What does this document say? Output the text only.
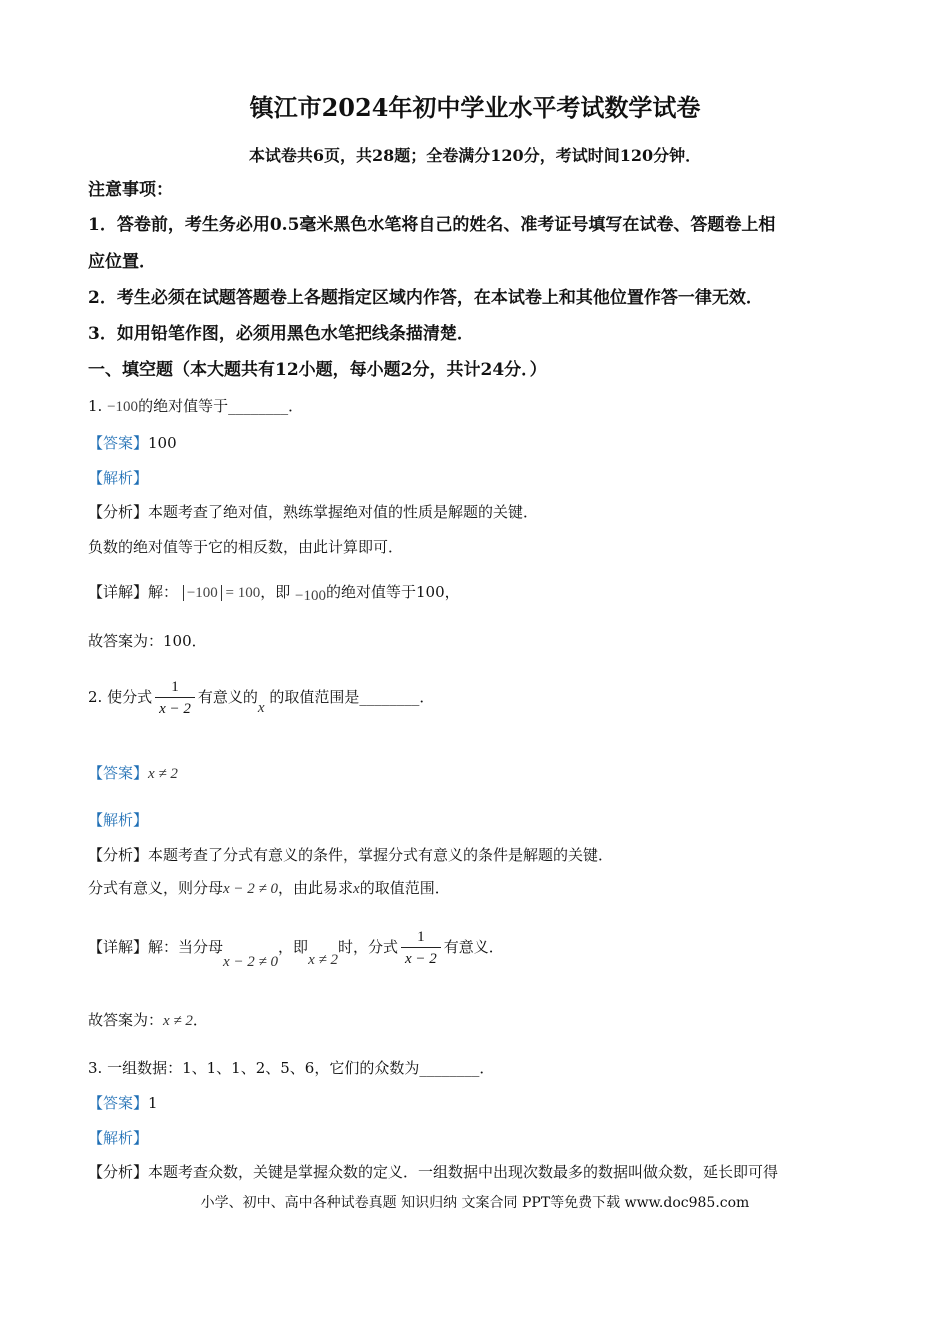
镇江市2024年初中学业水平考试数学试卷
本试卷共6页，共28题；全卷满分120分，考试时间120分钟．
注意事项：
1．答卷前，考生务必用0.5毫米黑色水笔将自己的姓名、准考证号填写在试卷、答题卷上相
应位置．
2．考生必须在试题答题卷上各题指定区域内作答，在本试卷上和其他位置作答一律无效．
3．如用铅笔作图，必须用黑色水笔把线条描清楚．
一、填空题（本大题共有12小题，每小题2分，共计24分．）
1. −100的绝对值等于________．
【答案】100
【解析】
【分析】本题考查了绝对值，熟练掌握绝对值的性质是解题的关键．
负数的绝对值等于它的相反数，由此计算即可．
【详解】解： −100 = 100，即 −100的绝对值等于100，
故答案为：100．
2. 使分式 $\frac{1}{x - 2}$ 有意义的x 的取值范围是________．
【答案】x ≠ 2
【解析】
【分析】本题考查了分式有意义的条件，掌握分式有意义的条件是解题的关键．
分式有意义，则分母x − 2 ≠ 0，由此易求x的取值范围．
【详解】解：当分母x − 2 ≠ 0，即x ≠ 2时，分式 $\frac{1}{x - 2}$ 有意义．
故答案为：x ≠ 2．
3. 一组数据：1、1、1、2、5、6，它们的众数为________．
【答案】1
【解析】
【分析】本题考查众数，关键是掌握众数的定义．一组数据中出现次数最多的数据叫做众数，延长即可得
小学、初中、高中各种试卷真题 知识归纳 文案合同 PPT等免费下载 www.doc985.com
